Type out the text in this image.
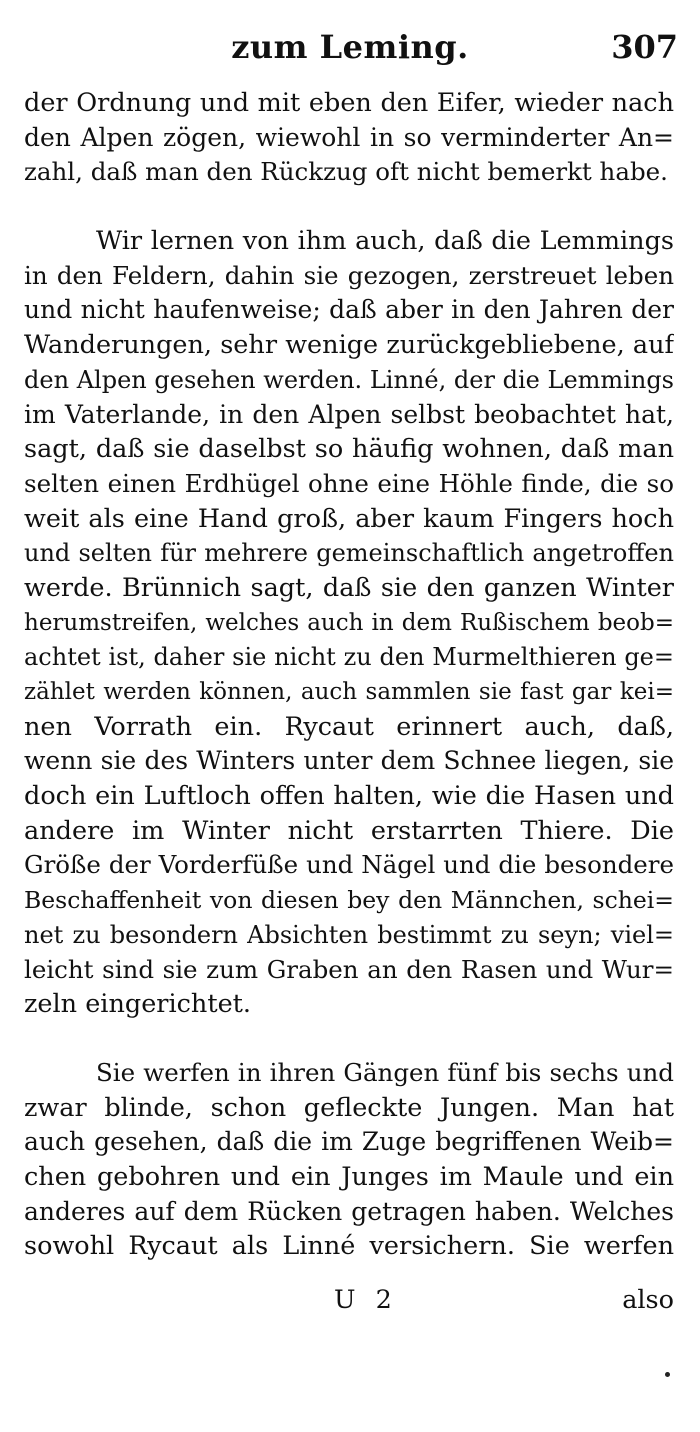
zum Leming.	307
der Ordnung und mit eben den Eifer, wieder nach
den Alpen zögen, wiewohl in so verminderter An=
zahl, daß man den Rückzug oft nicht bemerkt habe.
Wir lernen von ihm auch, daß die Lemmings
in den Feldern, dahin sie gezogen, zerstreuet leben
und nicht haufenweise; daß aber in den Jahren der
Wanderungen, sehr wenige zurückgebliebene, auf
den Alpen gesehen werden. Linné, der die Lemmings
im Vaterlande, in den Alpen selbst beobachtet hat,
sagt, daß sie daselbst so häufig wohnen, daß man
selten einen Erdhügel ohne eine Höhle finde, die so
weit als eine Hand groß, aber kaum Fingers hoch
und selten für mehrere gemeinschaftlich angetroffen
werde. Brünnich sagt, daß sie den ganzen Winter
herumstreifen, welches auch in dem Rußischem beob=
achtet ist, daher sie nicht zu den Murmelthieren ge=
zählet werden können, auch sammlen sie fast gar kei=
nen Vorrath ein. Rycaut erinnert auch, daß,
wenn sie des Winters unter dem Schnee liegen, sie
doch ein Luftloch offen halten, wie die Hasen und
andere im Winter nicht erstarrten Thiere. Die
Größe der Vorderfüße und Nägel und die besondere
Beschaffenheit von diesen bey den Männchen, schei=
net zu besondern Absichten bestimmt zu seyn; viel=
leicht sind sie zum Graben an den Rasen und Wur=
zeln eingerichtet.
Sie werfen in ihren Gängen fünf bis sechs und
zwar blinde, schon gefleckte Jungen. Man hat
auch gesehen, daß die im Zuge begriffenen Weib=
chen gebohren und ein Junges im Maule und ein
anderes auf dem Rücken getragen haben. Welches
sowohl Rycaut als Linné versichern. Sie werfen
U 2	also
